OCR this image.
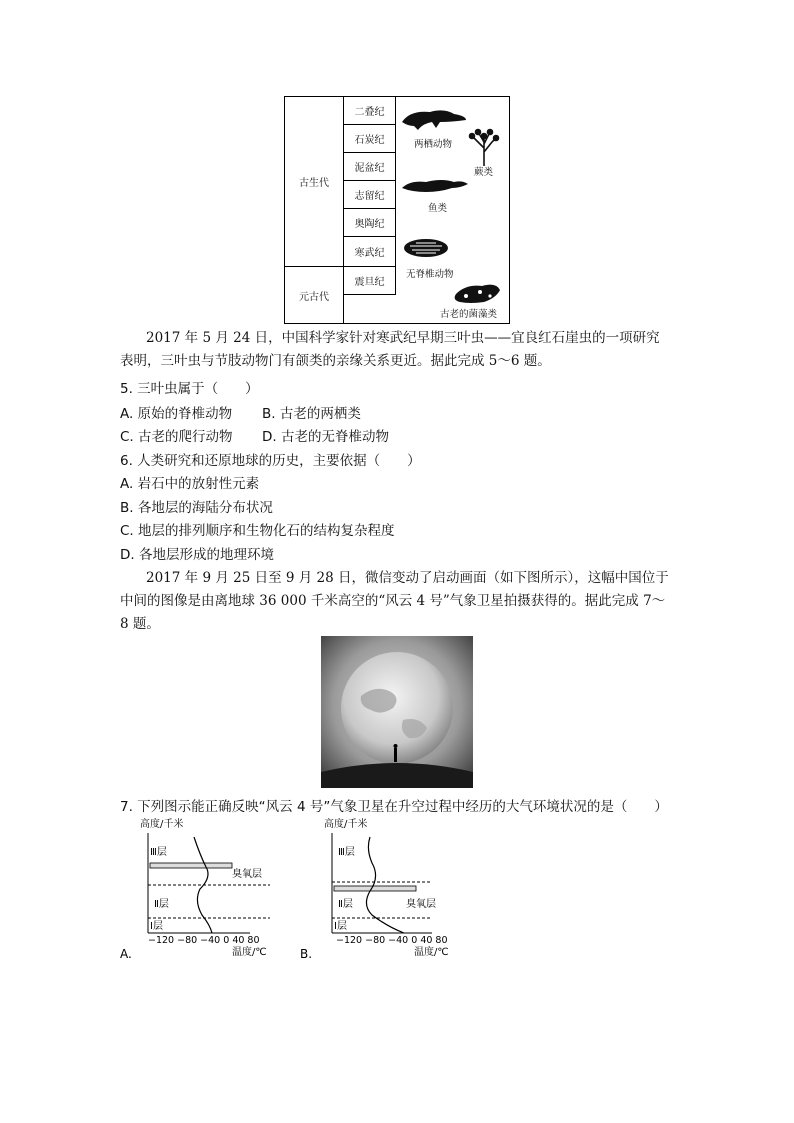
古生代
元古代
二叠纪
石炭纪
泥盆纪
志留纪
奥陶纪
寒武纪
震旦纪
两栖动物
蕨类
鱼类
无脊椎动物
古老的菌藻类
2017 年 5 月 24 日，中国科学家针对寒武纪早期三叶虫——宜良红石崖虫的一项研究
表明，三叶虫与节肢动物门有颌类的亲缘关系更近。据此完成 5～6 题。
5. 三叶虫属于（　　）
A. 原始的脊椎动物 B. 古老的两栖类
C. 古老的爬行动物 D. 古老的无脊椎动物
6. 人类研究和还原地球的历史，主要依据（　　）
A. 岩石中的放射性元素
B. 各地层的海陆分布状况
C. 地层的排列顺序和生物化石的结构复杂程度
D. 各地层形成的地理环境
2017 年 9 月 25 日至 9 月 28 日，微信变动了启动画面（如下图所示），这幅中国位于
中间的图像是由离地球 36 000 千米高空的“风云 4 号”气象卫星拍摄获得的。据此完成 7～
8 题。
7. 下列图示能正确反映“风云 4 号”气象卫星在升空过程中经历的大气环境状况的是（　　）
高度/千米
Ⅲ层
臭氧层
Ⅱ层
Ⅰ层
−120 −80 −40 0 40 80
温度/℃
A.
高度/千米
Ⅲ层
Ⅱ层	臭氧层
Ⅰ层
−120 −80 −40 0 40 80
温度/℃
B.
